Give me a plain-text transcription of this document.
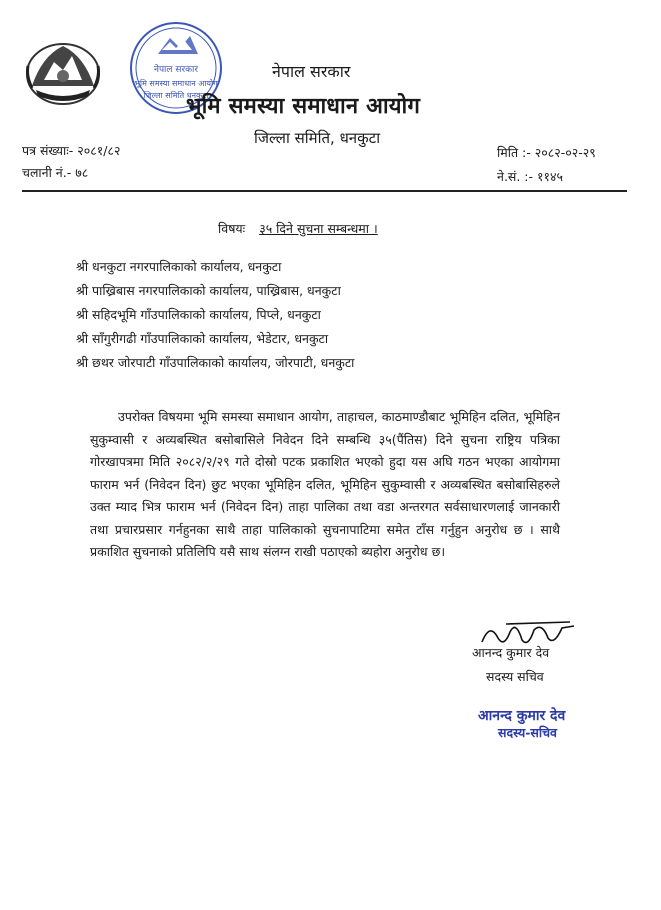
नेपाल सरकार
भूमि समस्या समाधान आयोग
जिल्ला समिति धनकुटा
नेपाल सरकार
भूमि समस्या समाधान आयोग
जिल्ला समिति, धनकुटा
पत्र संख्याः- २०८१/८२
चलानी नं.- ७८
मिति :- २०८२-०२-२९
ने.सं. :- ११४५
विषयः ३५ दिने सुचना सम्बन्धमा ।
श्री धनकुटा नगरपालिकाको कार्यालय, धनकुटा
श्री पाख्रिबास नगरपालिकाको कार्यालय, पाख्रिबास, धनकुटा
श्री सहिदभूमि गाँउपालिकाको कार्यालय, पिप्ले, धनकुटा
श्री साँगुरीगढी गाँउपालिकाको कार्यालय, भेडेटार, धनकुटा
श्री छथर जोरपाटी गाँउपालिकाको कार्यालय, जोरपाटी, धनकुटा

उपरोक्त विषयमा भूमि समस्या समाधान आयोग, ताहाचल, काठमाण्डौबाट भूमिहिन दलित, भूमिहिन सुकुम्वासी र अव्यबस्थित बसोबासिले निवेदन दिने सम्बन्धि ३५(पैंतिस) दिने सुचना राष्ट्रिय पत्रिका गोरखापत्रमा मिति २०८२/२/२९ गते दोस्रो पटक प्रकाशित भएको हुदा यस अघि गठन भएका आयोगमा फाराम भर्न (निवेदन दिन) छुट भएका भूमिहिन दलित, भूमिहिन सुकुम्वासी र अव्यबस्थित बसोबासिहरुले उक्त म्याद भित्र फाराम भर्न (निवेदन दिन) ताहा पालिका तथा वडा अन्तरगत सर्वसाधारणलाई जानकारी तथा प्रचारप्रसार गर्नहुनका साथै ताहा पालिकाको सुचनापाटिमा समेत टाँस गर्नुहुन अनुरोध छ । साथै प्रकाशित सुचनाको प्रतिलिपि यसै साथ संलग्न राखी पठाएको ब्यहोरा अनुरोध छ।

आनन्द कुमार देव
सदस्य सचिव
आनन्द कुमार देव
सदस्य-सचिव
